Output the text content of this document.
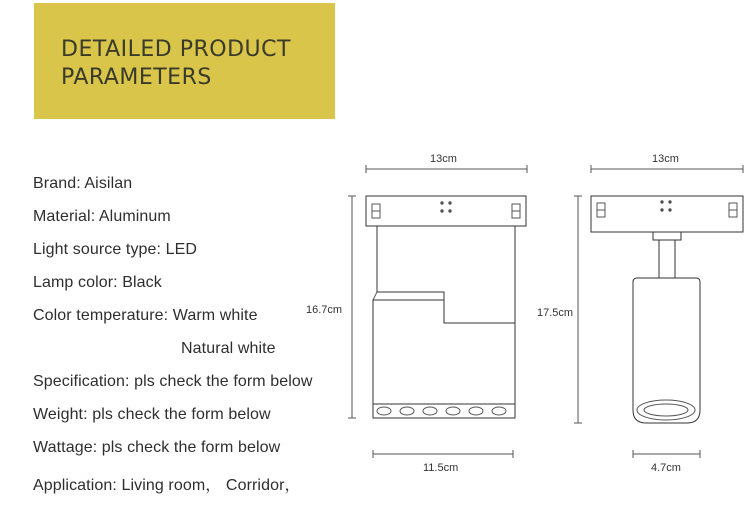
DETAILED PRODUCT
PARAMETERS
Brand: Aisilan
Material: Aluminum
Light source type: LED
Lamp color: Black
Color temperature: Warm white
Natural white
Specification: pls check the form below
Weight: pls check the form below
Wattage: pls check the form below
Application: Living room， Corridor，
13cm
16.7cm
11.5cm
13cm
17.5cm
4.7cm
